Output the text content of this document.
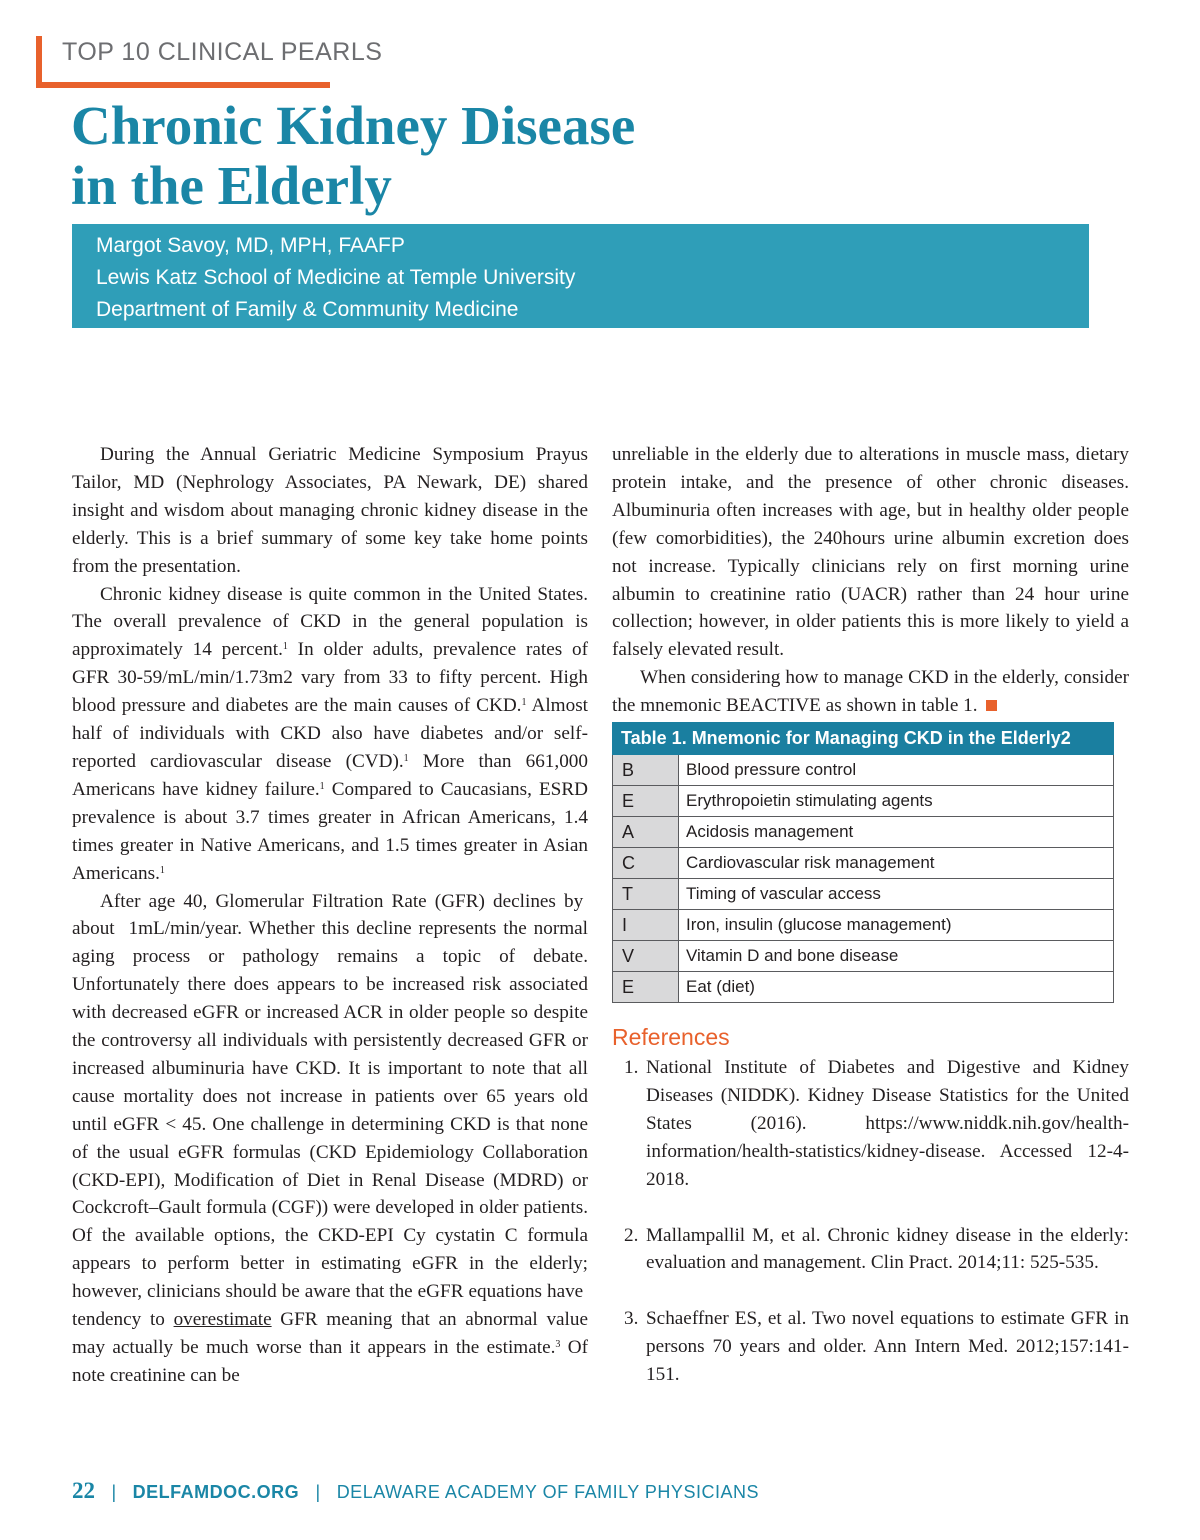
TOP 10 CLINICAL PEARLS
Chronic Kidney Disease
in the Elderly
Margot Savoy, MD, MPH, FAAFP
Lewis Katz School of Medicine at Temple University
Department of Family & Community Medicine

During the Annual Geriatric Medicine Symposium Prayus Tailor, MD (Nephrology Associates, PA Newark, DE) shared insight and wisdom about managing chronic kidney disease in the elderly. This is a brief summary of some key take home points from the presentation.

Chronic kidney disease is quite common in the United States. The overall prevalence of CKD in the general population is approximately 14 percent.$^1$ In older adults, prevalence rates of GFR 30-59/mL/min/1.73m2 vary from 33 to fifty percent. High blood pressure and diabetes are the main causes of CKD.$^1$ Almost half of individuals with CKD also have diabetes and/or self-reported cardiovascular disease (CVD).$^1$ More than 661,000 Americans have kidney failure.$^1$ Compared to Caucasians, ESRD prevalence is about 3.7 times greater in African Americans, 1.4 times greater in Native Americans, and 1.5 times greater in Asian Americans.$^1$

After age 40, Glomerular Filtration Rate (GFR) declines by  about  1mL/min/year. Whether this decline represents the normal aging process or pathology remains a topic of debate. Unfortunately there does appears to be increased risk associated with decreased eGFR or increased ACR in older people so despite the controversy all individuals with persistently decreased GFR or increased albuminuria have CKD. It is important to note that all cause mortality does not increase in patients over 65 years old until eGFR < 45. One challenge in determining CKD is that none of the usual eGFR formulas (CKD Epidemiology Collaboration (CKD-EPI), Modification of Diet in Renal Disease (MDRD) or Cockcroft–Gault formula (CGF)) were developed in older patients. Of the available options, the CKD-EPI Cy cystatin C formula appears to perform better in estimating eGFR in the elderly; however, clinicians should be aware that the eGFR equations have  tendency to overestimate GFR meaning that an abnormal value may actually be much worse than it appears in the estimate.$^3$ Of note creatinine can be

unreliable in the elderly due to alterations in muscle mass, dietary protein intake, and the presence of other chronic diseases. Albuminuria often increases with age, but in healthy older people (few comorbidities), the 240hours urine albumin excretion does not increase. Typically clinicians rely on first morning urine albumin to creatinine ratio (UACR) rather than 24 hour urine collection; however, in older patients this is more likely to yield a falsely elevated result.

When considering how to manage CKD in the elderly, consider the mnemonic BEACTIVE as shown in table 1.

Table 1. Mnemonic for Managing CKD in the Elderly2	
B	Blood pressure control
E	Erythropoietin stimulating agents
A	Acidosis management
C	Cardiovascular risk management
T	Timing of vascular access
I	Iron, insulin (glucose management)
V	Vitamin D and bone disease
E	Eat (diet)
References
1. National Institute of Diabetes and Digestive and Kidney Diseases (NIDDK). Kidney Disease Statistics for the United States (2016). https://www.niddk.nih.gov/health-information/health-statistics/kidney-disease. Accessed 12-4-2018.
2. Mallampallil M, et al. Chronic kidney disease in the elderly: evaluation and management. Clin Pract. 2014;11: 525-535.
3. Schaeffner ES, et al. Two novel equations to estimate GFR in persons 70 years and older. Ann Intern Med. 2012;157:141-151.
22 | DELFAMDOC.ORG | DELAWARE ACADEMY OF FAMILY PHYSICIANS
